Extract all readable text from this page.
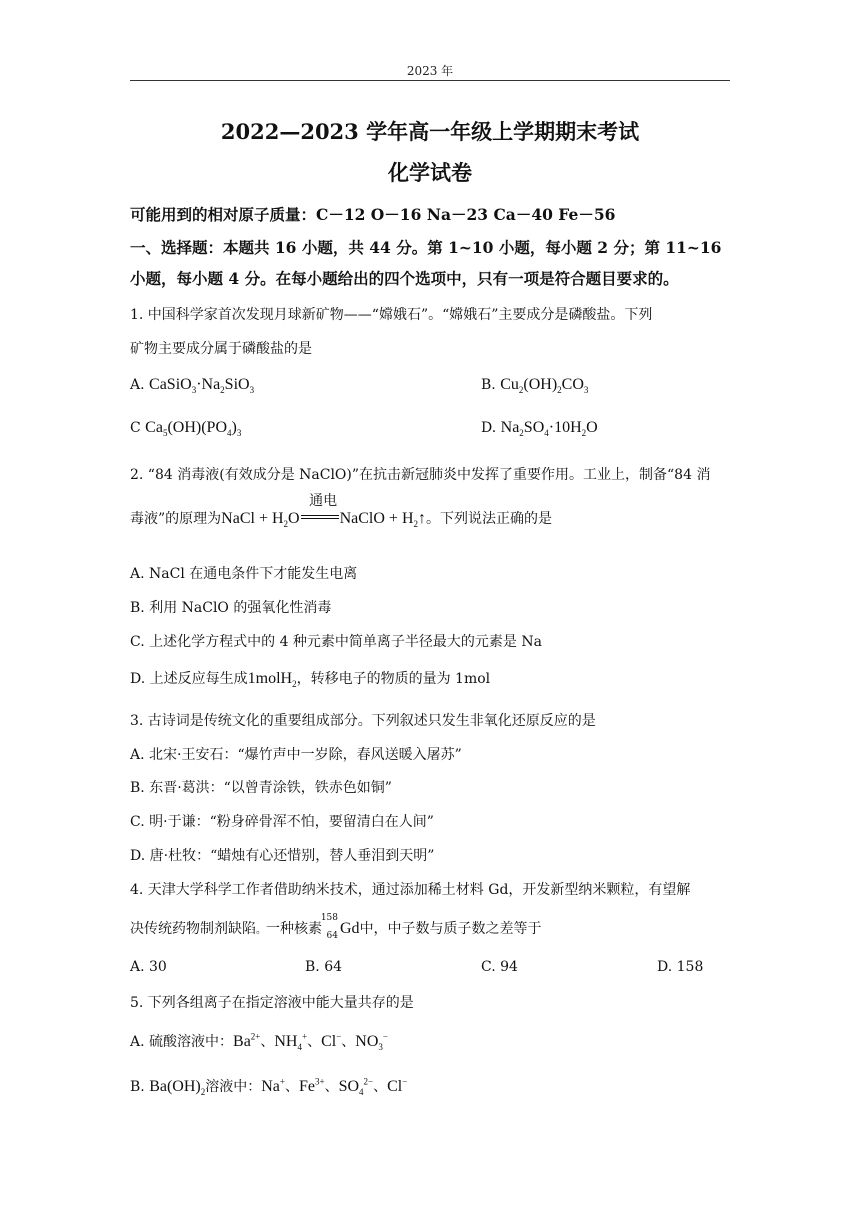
2023 年
2022—2023 学年高一年级上学期期末考试
化学试卷
可能用到的相对原子质量：C－12 O－16 Na－23 Ca－40 Fe－56
一、选择题：本题共 16 小题，共 44 分。第 1~10 小题，每小题 2 分；第 11~16
小题，每小题 4 分。在每小题给出的四个选项中，只有一项是符合题目要求的。
1. 中国科学家首次发现月球新矿物——“嫦娥石”。“嫦娥石”主要成分是磷酸盐。下列
矿物主要成分属于磷酸盐的是
A. $CaSiO_3\cdot Na_2SiO_3$	B. $Cu_2(OH)_2CO_3$
C $Ca_5(OH)(PO_4)_3$	D. $Na_2SO_4\cdot 10H_2O$
2. “84 消毒液(有效成分是 NaClO)”在抗击新冠肺炎中发挥了重要作用。工业上，制备“84 消
毒液”的原理为
通电
NaCl + $H_2O$	NaClO + $H_2↑$。下列说法正确的是
A. NaCl 在通电条件下才能发生电离
B. 利用 NaClO 的强氧化性消毒
C. 上述化学方程式中的 4 种元素中简单离子半径最大的元素是 Na
D. 上述反应每生成1molH$_2$，转移电子的物质的量为 1mol
3. 古诗词是传统文化的重要组成部分。下列叙述只发生非氧化还原反应的是
A. 北宋·王安石：“爆竹声中一岁除，春风送暖入屠苏”
B. 东晋·葛洪：“以曾青涂铁，铁赤色如铜”
C. 明·于谦：“粉身碎骨浑不怕，要留清白在人间”
D. 唐·杜牧：“蜡烛有心还惜别，替人垂泪到天明”
4. 天津大学科学工作者借助纳米技术，通过添加稀土材料 Gd，开发新型纳米颗粒，有望解
决传统药物制剂缺陷。一种核素
158
64 Gd中，中子数与质子数之差等于
A. 30	B. 64	C. 94	D. 158
5. 下列各组离子在指定溶液中能大量共存的是
A. 硫酸溶液中：$Ba^{2+}$、$NH_4^+$、Cl−、$NO_3^-$
B. $Ba(OH)_2$溶液中：Na+、$Fe^{3+}$、$SO_4^{2-}$、Cl−
